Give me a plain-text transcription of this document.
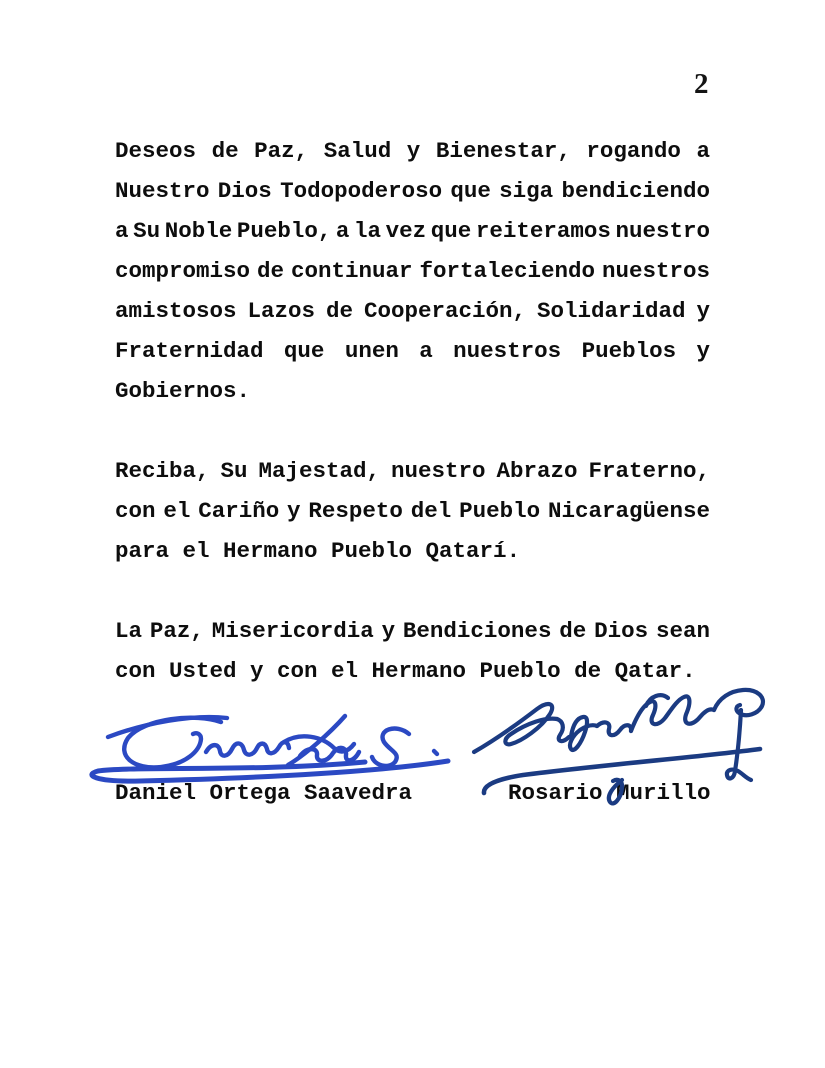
2

Deseos de Paz, Salud y Bienestar, rogando a
Nuestro Dios Todopoderoso que siga bendiciendo
a Su Noble Pueblo, a la vez que reiteramos nuestro
compromiso de continuar fortaleciendo nuestros
amistosos Lazos de Cooperación, Solidaridad y
Fraternidad que unen a nuestros Pueblos y
Gobiernos.

Reciba, Su Majestad, nuestro Abrazo Fraterno,
con el Cariño y Respeto del Pueblo Nicaragüense
para el Hermano Pueblo Qatarí.

La Paz, Misericordia y Bendiciones de Dios sean
con Usted y con el Hermano Pueblo de Qatar.

Daniel Ortega Saavedra	Rosario Murillo
